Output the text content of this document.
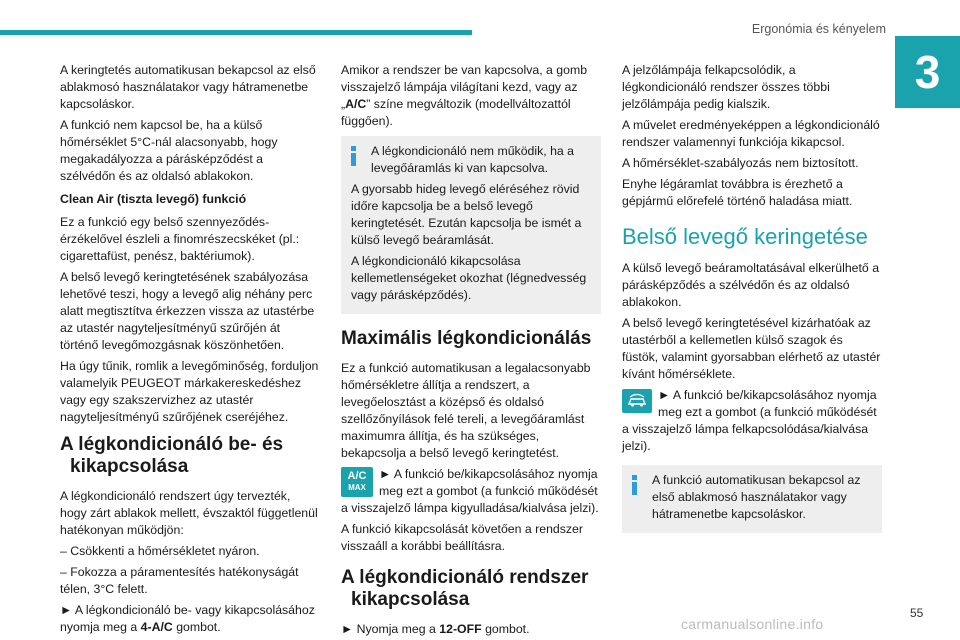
Ergonómia és kényelem
3

A keringtetés automatikusan bekapcsol az első ablakmosó használatakor vagy hátramenetbe kapcsoláskor.

A funkció nem kapcsol be, ha a külső hőmérséklet 5°C-nál alacsonyabb, hogy megakadályozza a párásképződést a szélvédőn és az oldalsó ablakokon.

Clean Air (tiszta levegő) funkció

Ez a funkció egy belső szennyeződés-érzékelővel észleli a finomrészecskéket (pl.: cigarettafüst, penész, baktériumok).

A belső levegő keringtetésének szabályozása lehetővé teszi, hogy a levegő alig néhány perc alatt megtisztítva érkezzen vissza az utastérbe az utastér nagyteljesítményű szűrőjén át történő levegőmozgásnak köszönhetően.

Ha úgy tűnik, romlik a levegőminőség, forduljon valamelyik PEUGEOT márkakereskedéshez vagy egy szakszervizhez az utastér nagyteljesítményű szűrőjének cseréjéhez.

A légkondicionáló be- és
kikapcsolása

A légkondicionáló rendszert úgy tervezték, hogy zárt ablakok mellett, évszaktól függetlenül hatékonyan működjön:

– Csökkenti a hőmérsékletet nyáron.

– Fokozza a páramentesítés hatékonyságát télen, 3°C felett.

► A légkondicionáló be- vagy kikapcsolásához nyomja meg a 4-A/C gombot.

Amikor a rendszer be van kapcsolva, a gomb visszajelző lámpája világítani kezd, vagy az „A/C” színe megváltozik (modellváltozattól függően).

A légkondicionáló nem működik, ha a levegőáramlás ki van kapcsolva.

A gyorsabb hideg levegő eléréséhez rövid időre kapcsolja be a belső levegő keringtetését. Ezután kapcsolja be ismét a külső levegő beáramlását.

A légkondicionáló kikapcsolása kellemetlenségeket okozhat (légnedvesség vagy párásképződés).

Maximális légkondicionálás

Ez a funkció automatikusan a legalacsonyabb hőmérsékletre állítja a rendszert, a levegőelosztást a középső és oldalsó szellőzőnyílások felé tereli, a levegőáramlást maximumra állítja, és ha szükséges, bekapcsolja a belső levegő keringtetést.

A/C
MAX
► A funkció be/kikapcsolásához nyomja meg ezt a gombot (a funkció működését a visszajelző lámpa kigyulladása/kialvása jelzi).

A funkció kikapcsolását követően a rendszer visszaáll a korábbi beállításra.

A légkondicionáló rendszer
kikapcsolása

► Nyomja meg a 12-OFF gombot.

A jelzőlámpája felkapcsolódik, a légkondicionáló rendszer összes többi jelzőlámpája pedig kialszik.

A művelet eredményeképpen a légkondicionáló rendszer valamennyi funkciója kikapcsol.

A hőmérséklet-szabályozás nem biztosított.

Enyhe légáramlat továbbra is érezhető a gépjármű előrefelé történő haladása miatt.

Belső levegő keringetése

A külső levegő beáramoltatásával elkerülhető a párásképződés a szélvédőn és az oldalsó ablakokon.

A belső levegő keringtetésével kizárhatóak az utastérből a kellemetlen külső szagok és füstök, valamint gyorsabban elérhető az utastér kívánt hőmérséklete.

► A funkció be/kikapcsolásához nyomja meg ezt a gombot (a funkció működését a visszajelző lámpa felkapcsolódása/kialvása jelzi).

A funkció automatikusan bekapcsol az első ablakmosó használatakor vagy hátramenetbe kapcsoláskor.

55
carmanualsonline.info
